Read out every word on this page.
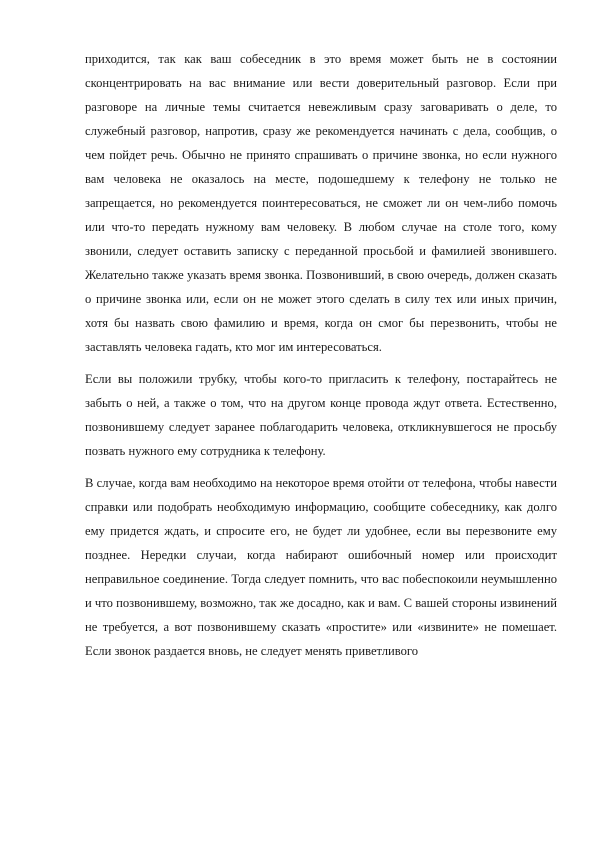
приходится, так как ваш собеседник в это время может быть не в состоянии сконцентрировать на вас внимание или вести доверительный разговор. Если при разговоре на личные темы считается невежливым сразу заговаривать о деле, то служебный разговор, напротив, сразу же рекомендуется начинать с дела, сообщив, о чем пойдет речь. Обычно не принято спрашивать о причине звонка, но если нужного вам человека не оказалось на месте, подошедшему к телефону не только не запрещается, но рекомендуется поинтересоваться, не сможет ли он чем-либо помочь или что-то передать нужному вам человеку. В любом случае на столе того, кому звонили, следует оставить записку с переданной просьбой и фамилией звонившего. Желательно также указать время звонка. Позвонивший, в свою очередь, должен сказать о причине звонка или, если он не может этого сделать в силу тех или иных причин, хотя бы назвать свою фамилию и время, когда он смог бы перезвонить, чтобы не заставлять человека гадать, кто мог им интересоваться.

Если вы положили трубку, чтобы кого-то пригласить к телефону, постарайтесь не забыть о ней, а также о том, что на другом конце провода ждут ответа. Естественно, позвонившему следует заранее поблагодарить человека, откликнувшегося не просьбу позвать нужного ему сотрудника к телефону.

В случае, когда вам необходимо на некоторое время отойти от телефона, чтобы навести справки или подобрать необходимую информацию, сообщите собеседнику, как долго ему придется ждать, и спросите его, не будет ли удобнее, если вы перезвоните ему позднее. Нередки случаи, когда набирают ошибочный номер или происходит неправильное соединение. Тогда следует помнить, что вас побеспокоили неумышленно и что позвонившему, возможно, так же досадно, как и вам. С вашей стороны извинений не требуется, а вот позвонившему сказать «простите» или «извините» не помешает. Если звонок раздается вновь, не следует менять приветливого
